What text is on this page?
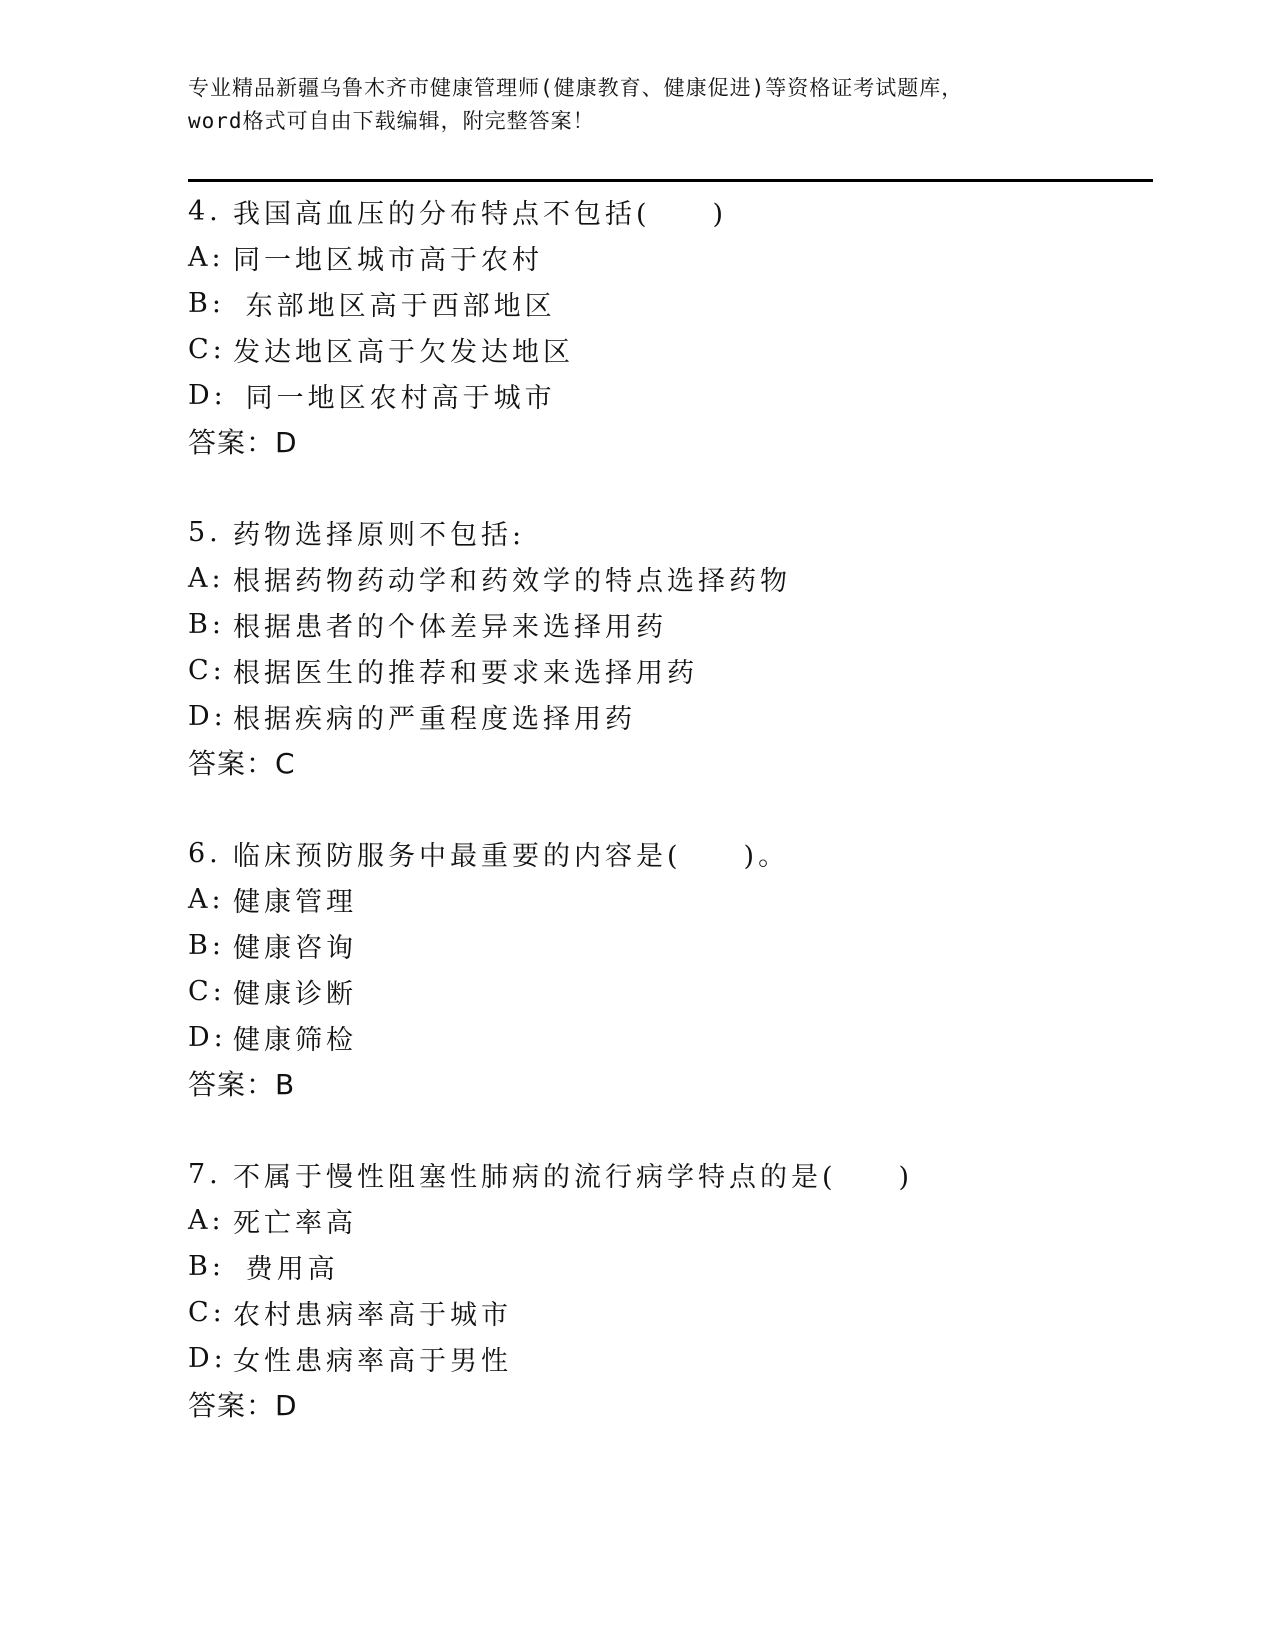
专业精品新疆乌鲁木齐市健康管理师(健康教育、健康促进)等资格证考试题库，
word格式可自由下载编辑，附完整答案！
4. 我国高血压的分布特点不包括(　　)
A: 同一地区城市高于农村
B: 东部地区高于西部地区
C: 发达地区高于欠发达地区
D: 同一地区农村高于城市
答案：D
5. 药物选择原则不包括:
A: 根据药物药动学和药效学的特点选择药物
B: 根据患者的个体差异来选择用药
C: 根据医生的推荐和要求来选择用药
D: 根据疾病的严重程度选择用药
答案：C
6. 临床预防服务中最重要的内容是(　　)。
A: 健康管理
B: 健康咨询
C: 健康诊断
D: 健康筛检
答案：B
7. 不属于慢性阻塞性肺病的流行病学特点的是(　　)
A: 死亡率高
B: 费用高
C: 农村患病率高于城市
D: 女性患病率高于男性
答案：D
